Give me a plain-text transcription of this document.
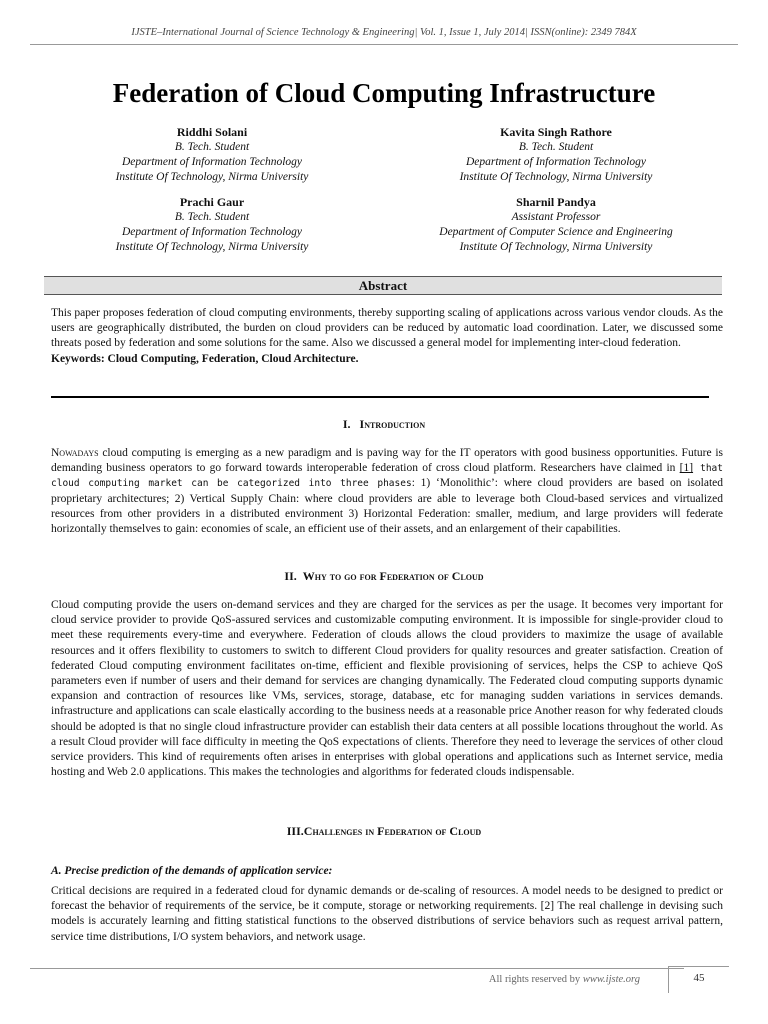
IJSTE–International Journal of Science Technology & Engineering| Vol. 1, Issue 1, July 2014| ISSN(online): 2349 784X
Federation of Cloud Computing Infrastructure
Riddhi Solani
B. Tech. Student
Department of Information Technology
Institute Of Technology, Nirma University
Kavita Singh Rathore
B. Tech. Student
Department of Information Technology
Institute Of Technology, Nirma University
Prachi Gaur
B. Tech. Student
Department of Information Technology
Institute Of Technology, Nirma University
Sharnil Pandya
Assistant Professor
Department of Computer Science and Engineering
Institute Of Technology, Nirma University
Abstract
This paper proposes federation of cloud computing environments, thereby supporting scaling of applications across various vendor clouds. As the users are geographically distributed, the burden on cloud providers can be reduced by automatic load coordination. Later, we discussed some threats posed by federation and some solutions for the same. Also we discussed a general model for implementing inter-cloud federation.
Keywords: Cloud Computing, Federation, Cloud Architecture.
I. Introduction
Nowadays cloud computing is emerging as a new paradigm and is paving way for the IT operators with good business opportunities. Future is demanding business operators to go forward towards interoperable federation of cross cloud platform. Researchers have claimed in [1] that cloud computing market can be categorized into three phases: 1) ‘Monolithic’: where cloud providers are based on isolated proprietary architectures; 2) Vertical Supply Chain: where cloud providers are able to leverage both Cloud-based services and virtualized resources from other providers in a distributed environment 3) Horizontal Federation: smaller, medium, and large providers will federate horizontally themselves to gain: economies of scale, an efficient use of their assets, and an enlargement of their capabilities.
II. Why to go for Federation of Cloud
Cloud computing provide the users on-demand services and they are charged for the services as per the usage. It becomes very important for cloud service provider to provide QoS-assured services and customizable computing environment. It is impossible for single-provider cloud to meet these requirements every-time and everywhere. Federation of clouds allows the cloud providers to maximize the usage of available resources and it offers flexibility to customers to switch to different Cloud providers for quality resources and greater satisfaction. Creation of federated Cloud computing environment facilitates on-time, efficient and flexible provisioning of services, helps the CSP to achieve QoS parameters even if number of users and their demand for services are changing dynamically. The Federated cloud computing supports dynamic expansion and contraction of resources like VMs, services, storage, database, etc for managing sudden variations in services demands. infrastructure and applications can scale elastically according to the business needs at a reasonable price Another reason for why federated clouds should be adopted is that no single cloud infrastructure provider can establish their data centers at all possible locations throughout the world. As a result Cloud provider will face difficulty in meeting the QoS expectations of clients. Therefore they need to leverage the services of other cloud service providers. This kind of requirements often arises in enterprises with global operations and applications such as Internet service, media hosting and Web 2.0 applications. This makes the technologies and algorithms for federated clouds indispensable.
III.Challenges in Federation of Cloud
A. Precise prediction of the demands of application service:
Critical decisions are required in a federated cloud for dynamic demands or de-scaling of resources. A model needs to be designed to predict or forecast the behavior of requirements of the service, be it compute, storage or networking requirements. [2] The real challenge in devising such models is accurately learning and fitting statistical functions to the observed distributions of service behaviors such as request arrival pattern, service time distributions, I/O system behaviors, and network usage.
All rights reserved by www.ijste.org	45
